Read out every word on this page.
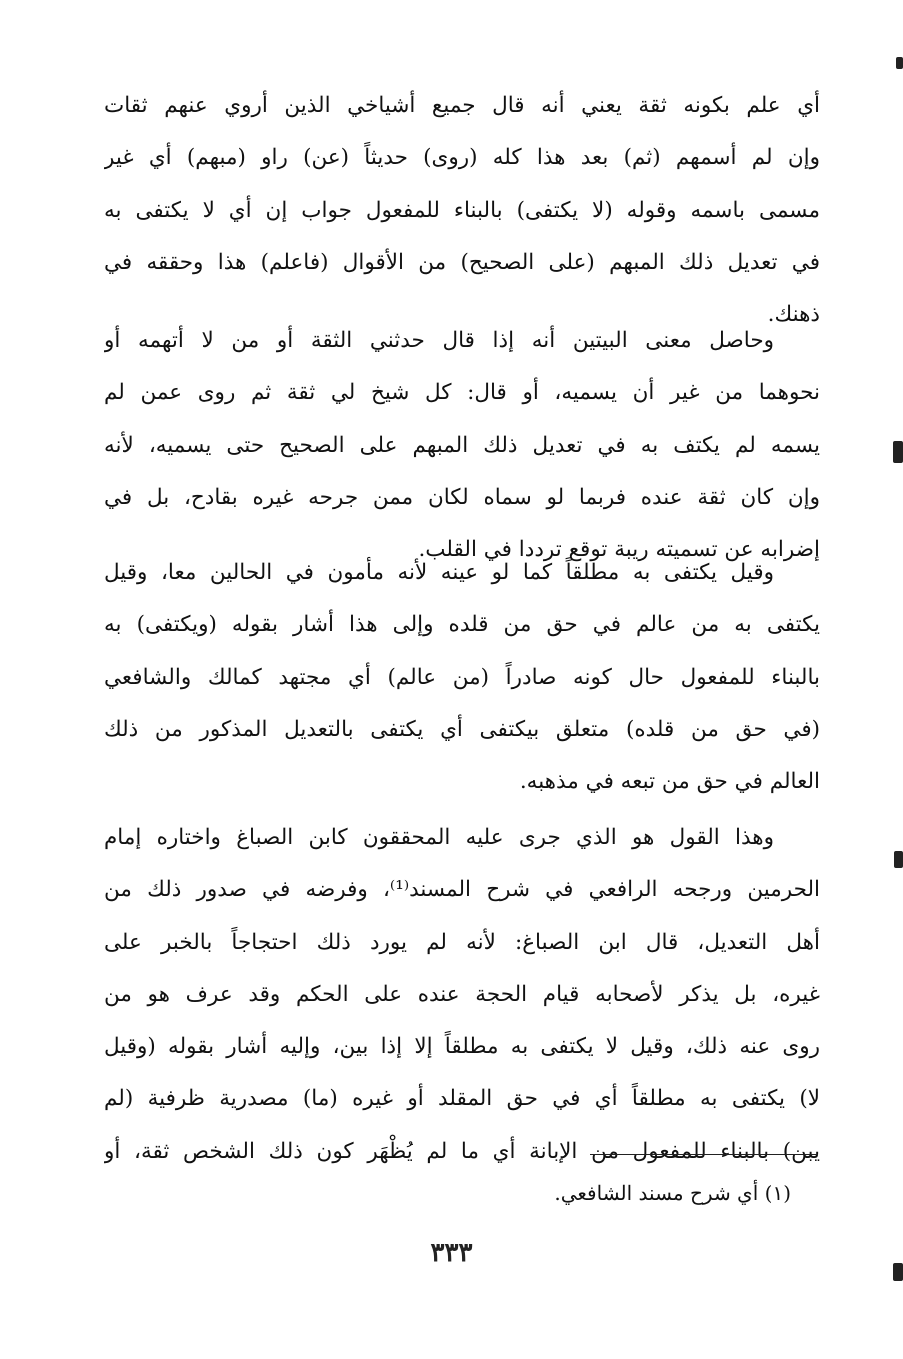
أي علم بكونه ثقة يعني أنه قال جميع أشياخي الذين أروي عنهم ثقات
وإن لم أسمهم (ثم) بعد هذا كله (روى) حديثاً (عن) راو (مبهم) أي غير
مسمى باسمه وقوله (لا يكتفى) بالبناء للمفعول جواب إن أي لا يكتفى به
في تعديل ذلك المبهم (على الصحيح) من الأقوال (فاعلم) هذا وحققه في
ذهنك.
وحاصل معنى البيتين أنه إذا قال حدثني الثقة أو من لا أتهمه أو
نحوهما من غير أن يسميه، أو قال: كل شيخ لي ثقة ثم روى عمن لم
يسمه لم يكتف به في تعديل ذلك المبهم على الصحيح حتى يسميه، لأنه
وإن كان ثقة عنده فربما لو سماه لكان ممن جرحه غيره بقادح، بل في
إضرابه عن تسميته ريبة توقع ترددا في القلب.
وقيل يكتفى به مطلقاً كما لو عينه لأنه مأمون في الحالين معا، وقيل
يكتفى به من عالم في حق من قلده وإلى هذا أشار بقوله (ويكتفى) به
بالبناء للمفعول حال كونه صادراً (من عالم) أي مجتهد كمالك والشافعي
(في حق من قلده) متعلق بيكتفى أي يكتفى بالتعديل المذكور من ذلك
العالم في حق من تبعه في مذهبه.
وهذا القول هو الذي جرى عليه المحققون كابن الصباغ واختاره إمام
الحرمين ورجحه الرافعي في شرح المسند⁽¹⁾، وفرضه في صدور ذلك من
أهل التعديل، قال ابن الصباغ: لأنه لم يورد ذلك احتجاجاً بالخبر على
غيره، بل يذكر لأصحابه قيام الحجة عنده على الحكم وقد عرف هو من
روى عنه ذلك، وقيل لا يكتفى به مطلقاً إلا إذا بين، وإليه أشار بقوله (وقيل
لا) يكتفى به مطلقاً أي في حق المقلد أو غيره (ما) مصدرية ظرفية (لم
يبن) بالبناء للمفعول من الإبانة أي ما لم يُظْهَر كون ذلك الشخص ثقة، أو
(١) أي شرح مسند الشافعي.
٣٣٣
